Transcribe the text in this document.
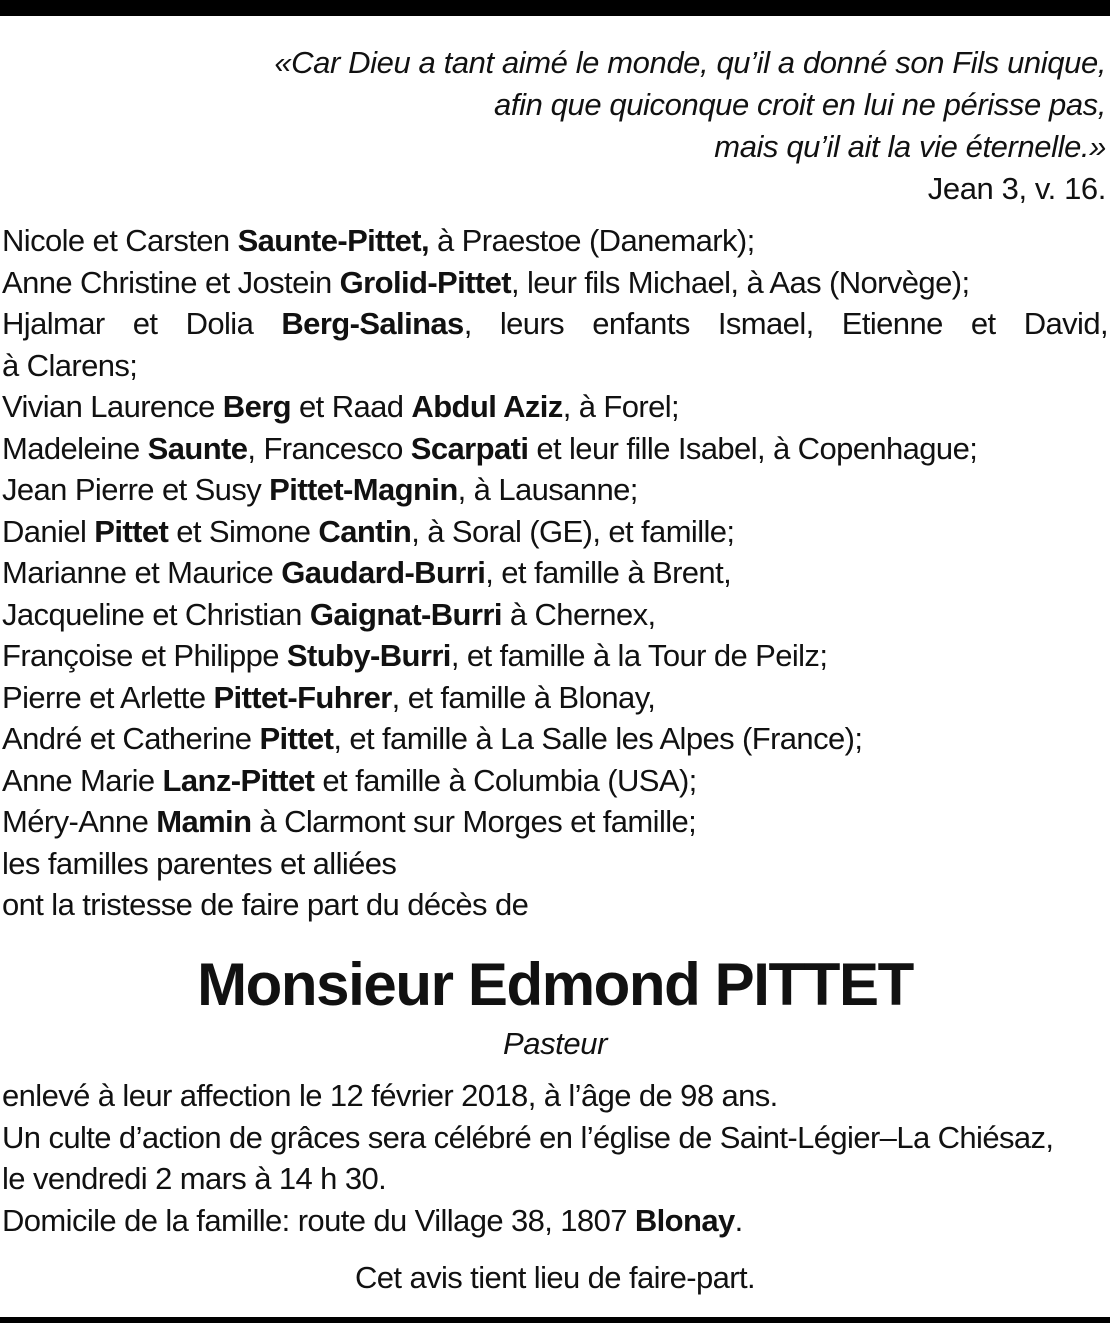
«Car Dieu a tant aimé le monde, qu’il a donné son Fils unique,
afin que quiconque croit en lui ne périsse pas,
mais qu’il ait la vie éternelle.»
Jean 3, v. 16.
Nicole et Carsten Saunte-Pittet, à Praestoe (Danemark);
Anne Christine et Jostein Grolid-Pittet, leur fils Michael, à Aas (Norvège);
Hjalmar et Dolia Berg-Salinas, leurs enfants Ismael, Etienne et David,
à Clarens;
Vivian Laurence Berg et Raad Abdul Aziz, à Forel;
Madeleine Saunte, Francesco Scarpati et leur fille Isabel, à Copenhague;
Jean Pierre et Susy Pittet-Magnin, à Lausanne;
Daniel Pittet et Simone Cantin, à Soral (GE), et famille;
Marianne et Maurice Gaudard-Burri, et famille à Brent,
Jacqueline et Christian Gaignat-Burri à Chernex,
Françoise et Philippe Stuby-Burri, et famille à la Tour de Peilz;
Pierre et Arlette Pittet-Fuhrer, et famille à Blonay,
André et Catherine Pittet, et famille à La Salle les Alpes (France);
Anne Marie Lanz-Pittet et famille à Columbia (USA);
Méry-Anne Mamin à Clarmont sur Morges et famille;
les familles parentes et alliées
ont la tristesse de faire part du décès de
Monsieur Edmond PITTET
Pasteur
enlevé à leur affection le 12 février 2018, à l’âge de 98 ans.
Un culte d’action de grâces sera célébré en l’église de Saint-Légier–La Chiésaz,
le vendredi 2 mars à 14 h 30.
Domicile de la famille: route du Village 38, 1807 Blonay.
Cet avis tient lieu de faire-part.
